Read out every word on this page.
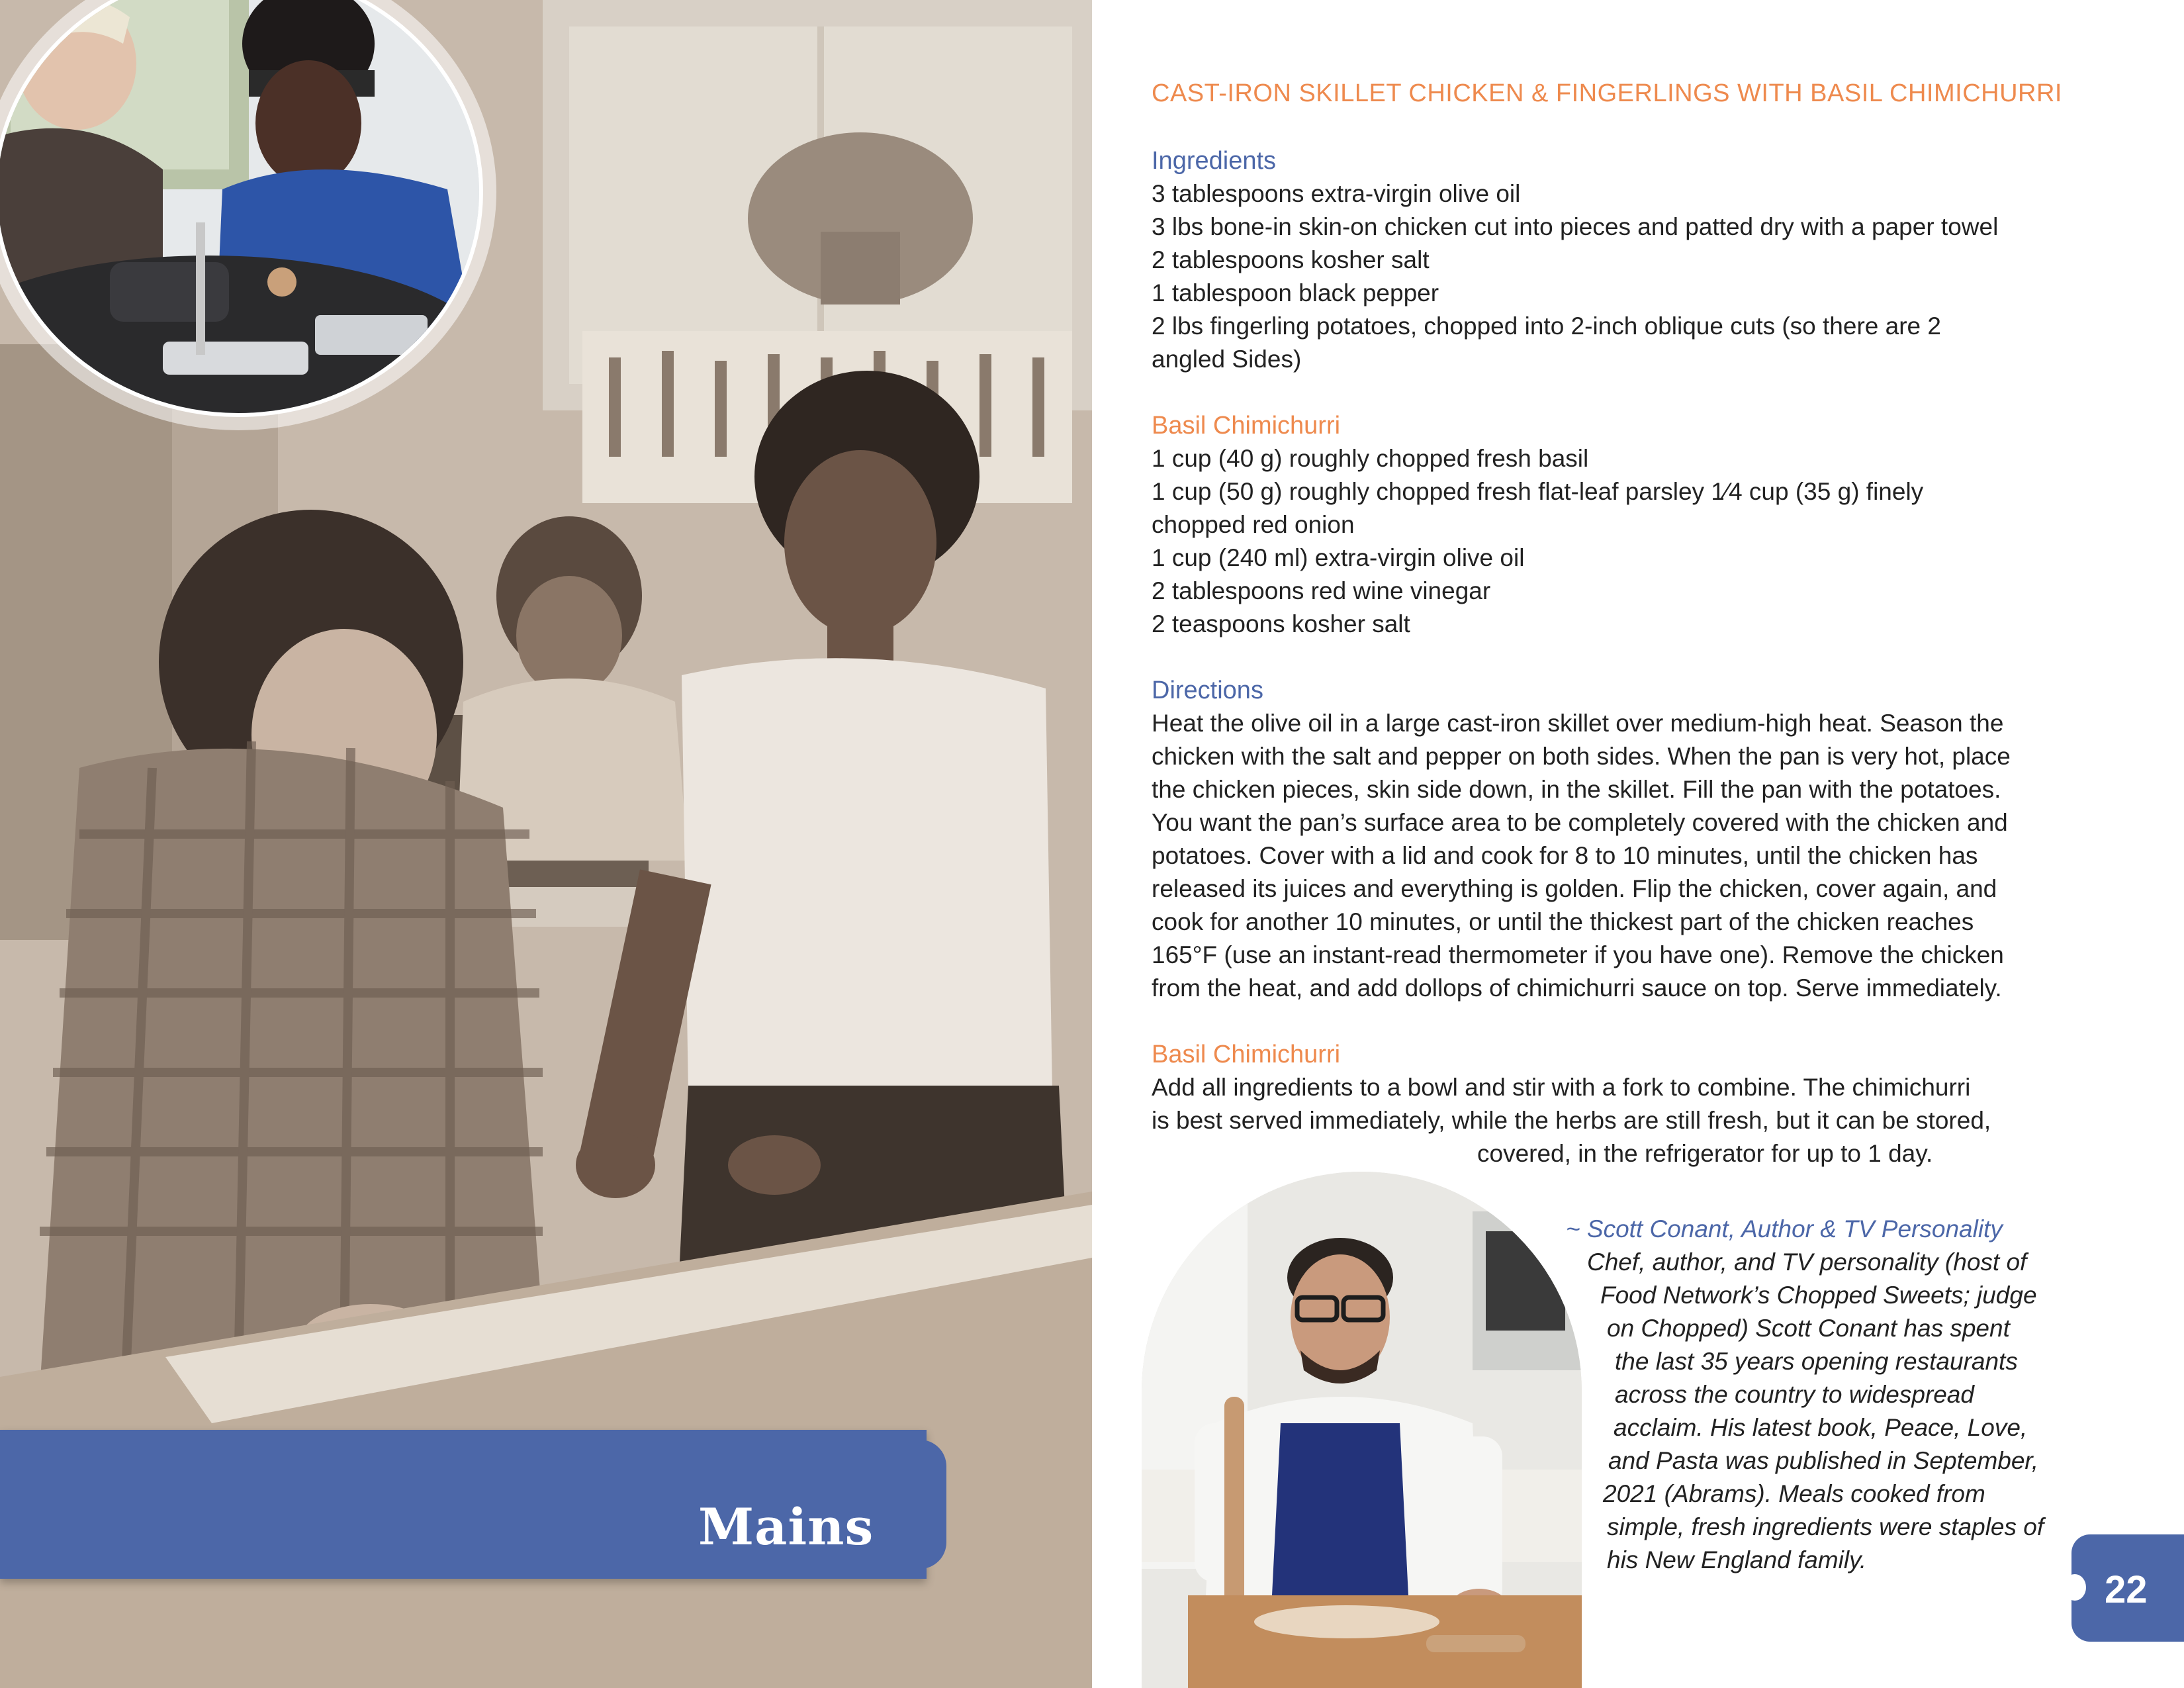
Mains
CAST-IRON SKILLET CHICKEN & FINGERLINGS WITH BASIL CHIMICHURRI
Ingredients
3 tablespoons extra-virgin olive oil
3 lbs bone-in skin-on chicken cut into pieces and patted dry with a paper towel
2 tablespoons kosher salt
1 tablespoon black pepper
2 lbs fingerling potatoes, chopped into 2-inch oblique cuts (so there are 2
angled Sides)
Basil Chimichurri
1 cup (40 g) roughly chopped fresh basil
1 cup (50 g) roughly chopped fresh flat-leaf parsley 1⁄4 cup (35 g) finely
chopped red onion
1 cup (240 ml) extra-virgin olive oil
2 tablespoons red wine vinegar
2 teaspoons kosher salt
Directions
Heat the olive oil in a large cast-iron skillet over medium-high heat. Season the
chicken with the salt and pepper on both sides. When the pan is very hot, place
the chicken pieces, skin side down, in the skillet. Fill the pan with the potatoes.
You want the pan’s surface area to be completely covered with the chicken and
potatoes. Cover with a lid and cook for 8 to 10 minutes, until the chicken has
released its juices and everything is golden. Flip the chicken, cover again, and
cook for another 10 minutes, or until the thickest part of the chicken reaches
165°F (use an instant-read thermometer if you have one). Remove the chicken
from the heat, and add dollops of chimichurri sauce on top. Serve immediately.
Basil Chimichurri
Add all ingredients to a bowl and stir with a fork to combine. The chimichurri
is best served immediately, while the herbs are still fresh, but it can be stored,
covered, in the refrigerator for up to 1 day.
~ Scott Conant, Author & TV Personality
Chef, author, and TV personality (host of
Food Network’s Chopped Sweets; judge
on Chopped) Scott Conant has spent
the last 35 years opening restaurants
across the country to widespread
acclaim. His latest book, Peace, Love,
and Pasta was published in September,
2021 (Abrams). Meals cooked from
simple, fresh ingredients were staples of
his New England family.
22
